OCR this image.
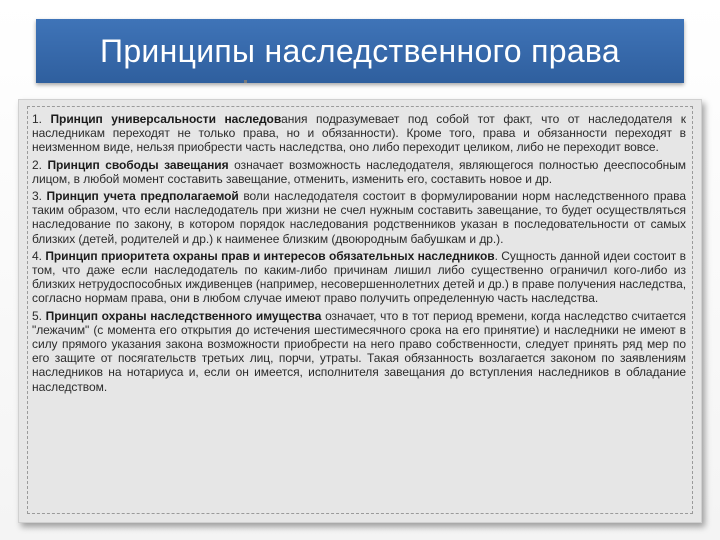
Принципы наследственного права

1. Принцип универсальности наследования подразумевает под собой тот факт, что от наследодателя к наследникам переходят не только права, но и обязанности). Кроме того, права и обязанности переходят в неизменном виде, нельзя приобрести часть наследства, оно либо переходит целиком, либо не переходит вовсе.

2. Принцип свободы завещания означает возможность наследодателя, являющегося полностью дееспособным лицом, в любой момент составить завещание, отменить, изменить его, составить новое и др.

3. Принцип учета предполагаемой воли наследодателя состоит в формулировании норм наследственного права таким образом, что если наследодатель при жизни не счел нужным составить завещание, то будет осуществляться наследование по закону, в котором порядок наследования родственников указан в последовательности от самых близких (детей, родителей и др.) к наименее близким (двоюродным бабушкам и др.).

4. Принцип приоритета охраны прав и интересов обязательных наследников. Сущность данной идеи состоит в том, что даже если наследодатель по каким-либо причинам лишил либо существенно ограничил кого-либо из близких нетрудоспособных иждивенцев (например, несовершеннолетних детей и др.) в праве получения наследства, согласно нормам права, они в любом случае имеют право получить определенную часть наследства.

5. Принцип охраны наследственного имущества означает, что в тот период времени, когда наследство считается "лежачим" (с момента его открытия до истечения шестимесячного срока на его принятие) и наследники не имеют в силу прямого указания закона возможности приобрести на него право собственности, следует принять ряд мер по его защите от посягательств третьих лиц, порчи, утраты. Такая обязанность возлагается законом по заявлениям наследников на нотариуса и, если он имеется, исполнителя завещания до вступления наследников в обладание наследством.
